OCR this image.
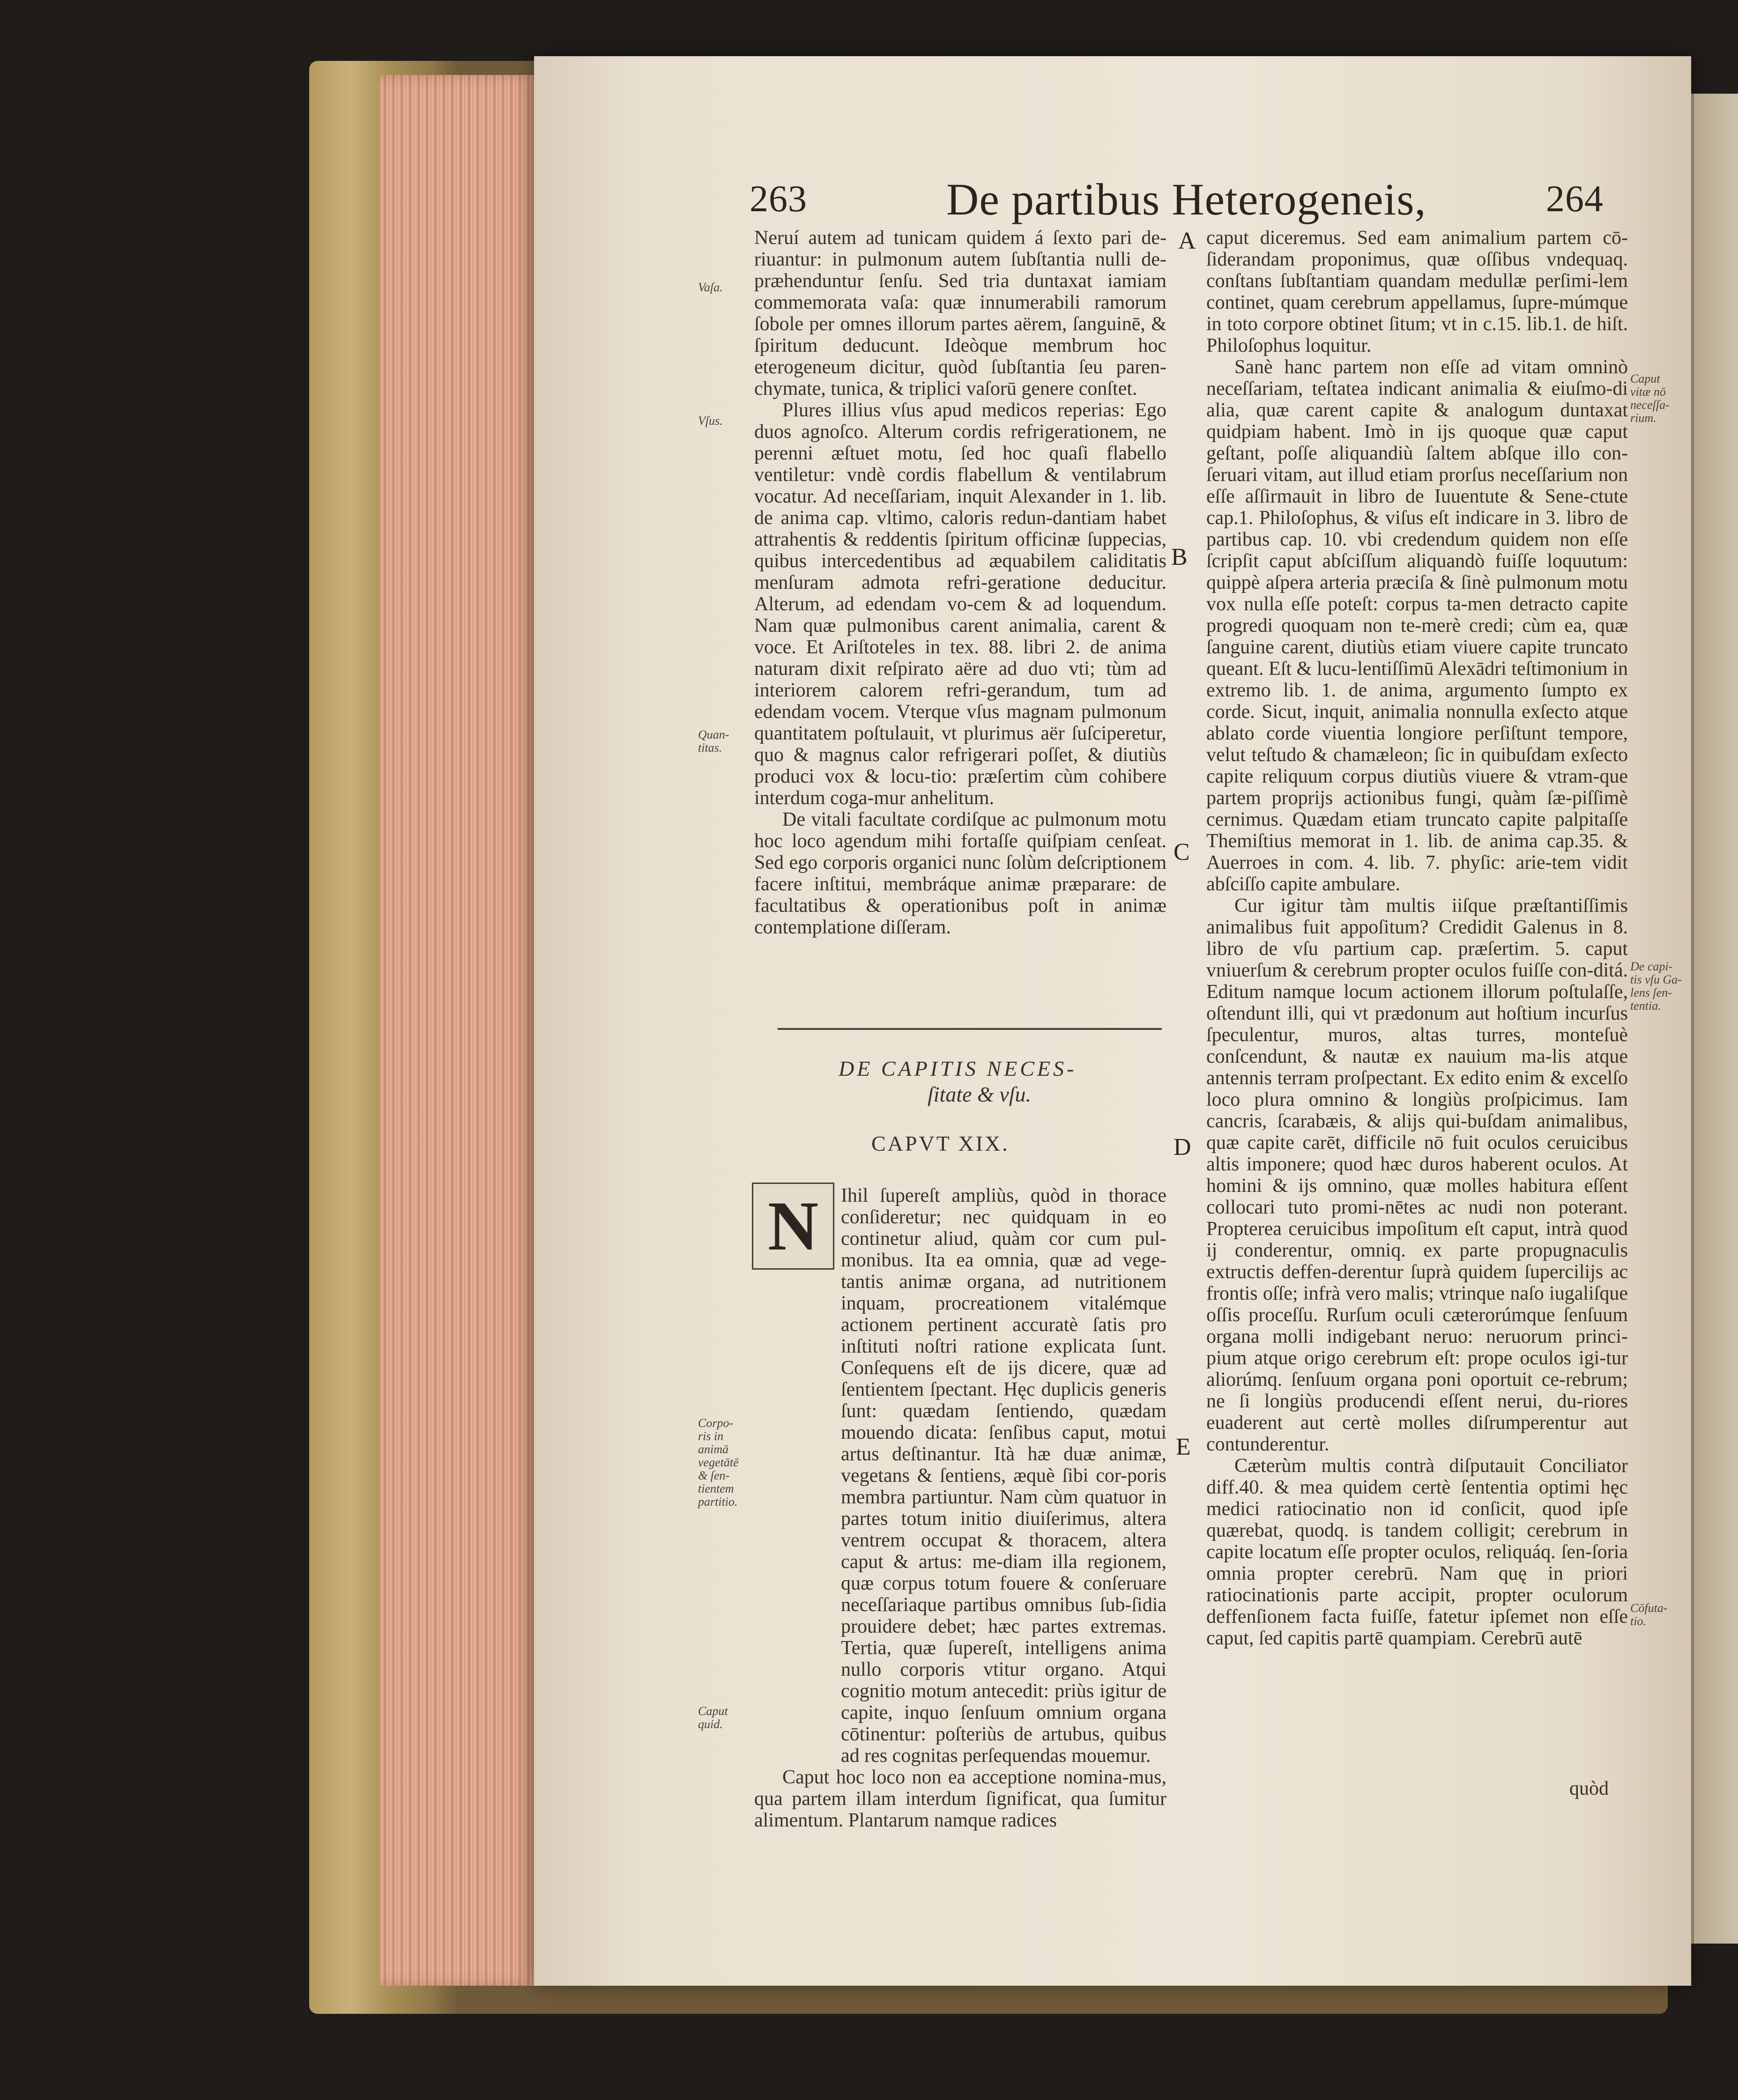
263	De partibus Heterogeneis,	264

Neruí autem ad tunicam quidem á ſexto pari de-riuantur: in pulmonum autem ſubſtantia nulli de-præhenduntur ſenſu. Sed tria duntaxat iamiam commemorata vaſa: quæ innumerabili ramorum ſobole per omnes illorum partes aërem, ſanguinē, & ſpiritum deducunt. Ideòque membrum hoc eterogeneum dicitur, quòd ſubſtantia ſeu paren-chymate, tunica, & triplici vaſorū genere conſtet.

Plures illius vſus apud medicos reperias: Ego duos agnoſco. Alterum cordis refrigerationem, ne perenni æſtuet motu, ſed hoc quaſi flabello ventiletur: vndè cordis flabellum & ventilabrum vocatur. Ad neceſſariam, inquit Alexander in 1. lib. de anima cap. vltimo, caloris redun-dantiam habet attrahentis & reddentis ſpiritum officinæ ſuppecias, quibus intercedentibus ad æquabilem caliditatis menſuram admota refri-geratione deducitur. Alterum, ad edendam vo-cem & ad loquendum. Nam quæ pulmonibus carent animalia, carent & voce. Et Ariſtoteles in tex. 88. libri 2. de anima naturam dixit reſpirato aëre ad duo vti; tùm ad interiorem calorem refri-gerandum, tum ad edendam vocem. Vterque vſus magnam pulmonum quantitatem poſtulauit, vt plurimus aër ſuſciperetur, quo & magnus calor refrigerari poſſet, & diutiùs produci vox & locu-tio: præſertim cùm cohibere interdum coga-mur anhelitum.

De vitali facultate cordiſque ac pulmonum motu hoc loco agendum mihi fortaſſe quiſpiam cenſeat. Sed ego corporis organici nunc ſolùm deſcriptionem facere inſtitui, membráque animæ præparare: de facultatibus & operationibus poſt in animæ contemplatione diſſeram.

DE CAPITIS NECES-
ſitate & vſu.
CAPVT XIX.

Ihil ſupereſt ampliùs, quòd in thorace conſideretur; nec quidquam in eo continetur aliud, quàm cor cum pul-monibus. Ita ea omnia, quæ ad vege-tantis animæ organa, ad nutritionem inquam, procreationem vitalémque actionem pertinent accuratè ſatis pro inſtituti noſtri ratione explicata ſunt. Conſequens eſt de ijs dicere, quæ ad ſentientem ſpectant. Hęc duplicis generis ſunt: quædam ſentiendo, quædam mouendo dicata: ſenſibus caput, motui artus deſtinantur. Ità hæ duæ animæ, vegetans & ſentiens, æquè ſibi cor-poris membra partiuntur. Nam cùm quatuor in partes totum initio diuiſerimus, altera ventrem occupat & thoracem, altera caput & artus: me-diam illa regionem, quæ corpus totum fouere & conſeruare neceſſariaque partibus omnibus ſub-ſidia prouidere debet; hæc partes extremas. Tertia, quæ ſupereſt, intelligens anima nullo corporis vtitur organo. Atqui cognitio motum antecedit: priùs igitur de capite, inquo ſenſuum omnium organa cōtinentur: poſteriùs de artubus, quibus ad res cognitas perſequendas mouemur.

Caput hoc loco non ea acceptione nomina-mus, qua partem illam interdum ſignificat, qua ſumitur alimentum. Plantarum namque radices

N

caput diceremus. Sed eam animalium partem cō-ſiderandam proponimus, quæ oſſibus vndequaq. conſtans ſubſtantiam quandam medullæ perſimi-lem continet, quam cerebrum appellamus, ſupre-múmque in toto corpore obtinet ſitum; vt in c.15. lib.1. de hiſt. Philoſophus loquitur.

Sanè hanc partem non eſſe ad vitam omninò neceſſariam, teſtatea indicant animalia & eiuſmo-di alia, quæ carent capite & analogum duntaxat quidpiam habent. Imò in ijs quoque quæ caput geſtant, poſſe aliquandiù ſaltem abſque illo con-ſeruari vitam, aut illud etiam prorſus neceſſarium non eſſe aſſirmauit in libro de Iuuentute & Sene-ctute cap.1. Philoſophus, & viſus eſt indicare in 3. libro de partibus cap. 10. vbi credendum quidem non eſſe ſcripſit caput abſciſſum aliquandò fuiſſe loquutum: quippè aſpera arteria præciſa & ſinè pulmonum motu vox nulla eſſe poteſt: corpus ta-men detracto capite progredi quoquam non te-merè credi; cùm ea, quæ ſanguine carent, diutiùs etiam viuere capite truncato queant. Eſt & lucu-lentiſſimū Alexādri teſtimonium in extremo lib. 1. de anima, argumento ſumpto ex corde. Sicut, inquit, animalia nonnulla exſecto atque ablato corde viuentia longiore perſiſtunt tempore, velut teſtudo & chamæleon; ſic in quibuſdam exſecto capite reliquum corpus diutiùs viuere & vtram-que partem proprijs actionibus fungi, quàm ſæ-piſſimè cernimus. Quædam etiam truncato capite palpitaſſe Themiſtius memorat in 1. lib. de anima cap.35. & Auerroes in com. 4. lib. 7. phyſic: arie-tem vidit abſciſſo capite ambulare.

Cur igitur tàm multis iiſque præſtantiſſimis animalibus fuit appoſitum? Credidit Galenus in 8. libro de vſu partium cap. præſertim. 5. caput vniuerſum & cerebrum propter oculos fuiſſe con-ditá. Editum namque locum actionem illorum poſtulaſſe, oſtendunt illi, qui vt prædonum aut hoſtium incurſus ſpeculentur, muros, altas turres, monteſuè conſcendunt, & nautæ ex nauium ma-lis atque antennis terram proſpectant. Ex edito enim & excelſo loco plura omnino & longiùs proſpicimus. Iam cancris, ſcarabæis, & alijs qui-buſdam animalibus, quæ capite carēt, difficile nō fuit oculos ceruicibus altis imponere; quod hæc duros haberent oculos. At homini & ijs omnino, quæ molles habitura eſſent collocari tuto promi-nētes ac nudi non poterant. Propterea ceruicibus impoſitum eſt caput, intrà quod ij conderentur, omniq. ex parte propugnaculis extructis deffen-derentur ſuprà quidem ſupercilijs ac frontis oſſe; infrà vero malis; vtrinque naſo iugaliſque oſſis proceſſu. Rurſum oculi cæterorúmque ſenſuum organa molli indigebant neruo: neruorum princi-pium atque origo cerebrum eſt: prope oculos igi-tur aliorúmq. ſenſuum organa poni oportuit ce-rebrum; ne ſi longiùs producendi eſſent nerui, du-riores euaderent aut certè molles diſrumperentur aut contunderentur.

Cæterùm multis contrà diſputauit Conciliator diff.40. & mea quidem certè ſententia optimi hęc medici ratiocinatio non id conſicit, quod ipſe quærebat, quodq. is tandem colligit; cerebrum in capite locatum eſſe propter oculos, reliquáq. ſen-ſoria omnia propter cerebrū. Nam quę in priori ratiocinationis parte accipit, propter oculorum deffenſionem facta fuiſſe, fatetur ipſemet non eſſe caput, ſed capitis partē quampiam. Cerebrū autē

quòd
A
B
C
D
E
Vaſa.
Vſus.
Quan-titas.
Corpo-ris in animā vegetātē & ſen-tientem partitio.
Caput quid.
Caput vitæ nō neceſſa-rium.
De capi-tis vſu Ga-lens ſen-tentia.
Cōfuta-tio.
